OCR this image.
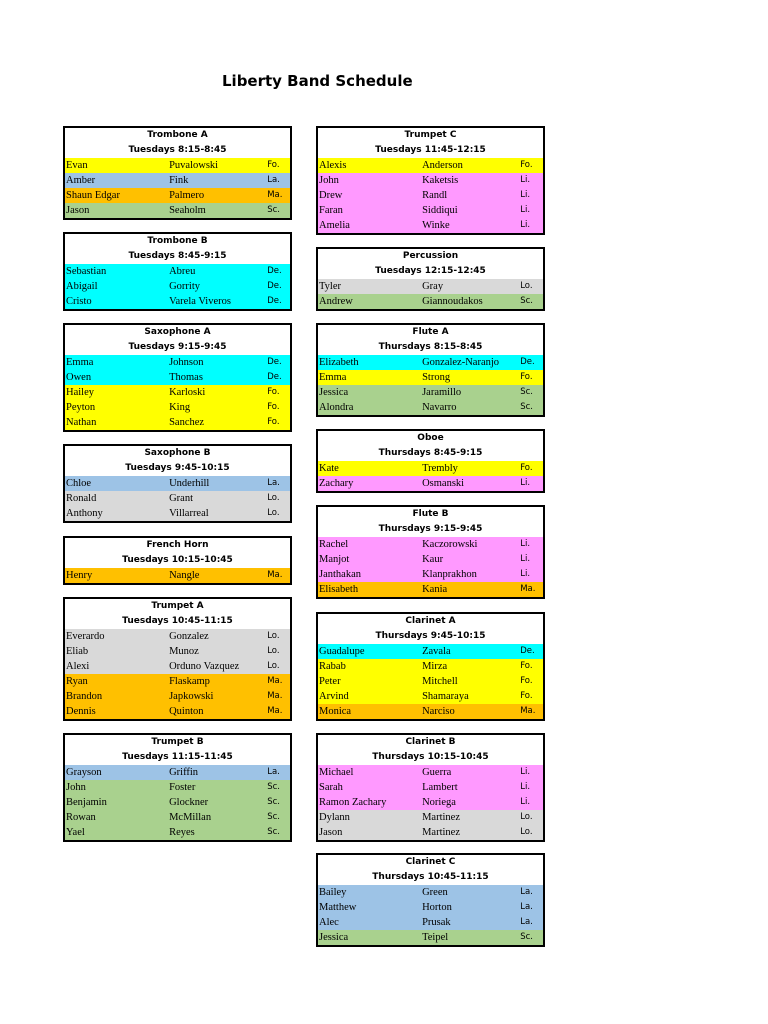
Liberty Band Schedule
Trombone A
Tuesdays 8:15-8:45
Evan	Puvalowski	Fo.
Amber	Fink	La.
Shaun Edgar	Palmero	Ma.
Jason	Seaholm	Sc.
Trombone B
Tuesdays 8:45-9:15
Sebastian	Abreu	De.
Abigail	Gorrity	De.
Cristo	Varela Viveros	De.
Saxophone A
Tuesdays 9:15-9:45
Emma	Johnson	De.
Owen	Thomas	De.
Hailey	Karloski	Fo.
Peyton	King	Fo.
Nathan	Sanchez	Fo.
Saxophone B
Tuesdays 9:45-10:15
Chloe	Underhill	La.
Ronald	Grant	Lo.
Anthony	Villarreal	Lo.
French Horn
Tuesdays 10:15-10:45
Henry	Nangle	Ma.
Trumpet A
Tuesdays 10:45-11:15
Everardo	Gonzalez	Lo.
Eliab	Munoz	Lo.
Alexi	Orduno Vazquez	Lo.
Ryan	Flaskamp	Ma.
Brandon	Japkowski	Ma.
Dennis	Quinton	Ma.
Trumpet B
Tuesdays 11:15-11:45
Grayson	Griffin	La.
John	Foster	Sc.
Benjamin	Glockner	Sc.
Rowan	McMillan	Sc.
Yael	Reyes	Sc.
Trumpet C
Tuesdays 11:45-12:15
Alexis	Anderson	Fo.
John	Kaketsis	Li.
Drew	Randl	Li.
Faran	Siddiqui	Li.
Amelia	Winke	Li.
Percussion
Tuesdays 12:15-12:45
Tyler	Gray	Lo.
Andrew	Giannoudakos	Sc.
Flute A
Thursdays 8:15-8:45
Elizabeth	Gonzalez-Naranjo	De.
Emma	Strong	Fo.
Jessica	Jaramillo	Sc.
Alondra	Navarro	Sc.
Oboe
Thursdays 8:45-9:15
Kate	Trembly	Fo.
Zachary	Osmanski	Li.
Flute B
Thursdays 9:15-9:45
Rachel	Kaczorowski	Li.
Manjot	Kaur	Li.
Janthakan	Klanprakhon	Li.
Elisabeth	Kania	Ma.
Clarinet A
Thursdays 9:45-10:15
Guadalupe	Zavala	De.
Rabab	Mirza	Fo.
Peter	Mitchell	Fo.
Arvind	Shamaraya	Fo.
Monica	Narciso	Ma.
Clarinet B
Thursdays 10:15-10:45
Michael	Guerra	Li.
Sarah	Lambert	Li.
Ramon Zachary	Noriega	Li.
Dylann	Martinez	Lo.
Jason	Martinez	Lo.
Clarinet C
Thursdays 10:45-11:15
Bailey	Green	La.
Matthew	Horton	La.
Alec	Prusak	La.
Jessica	Teipel	Sc.
